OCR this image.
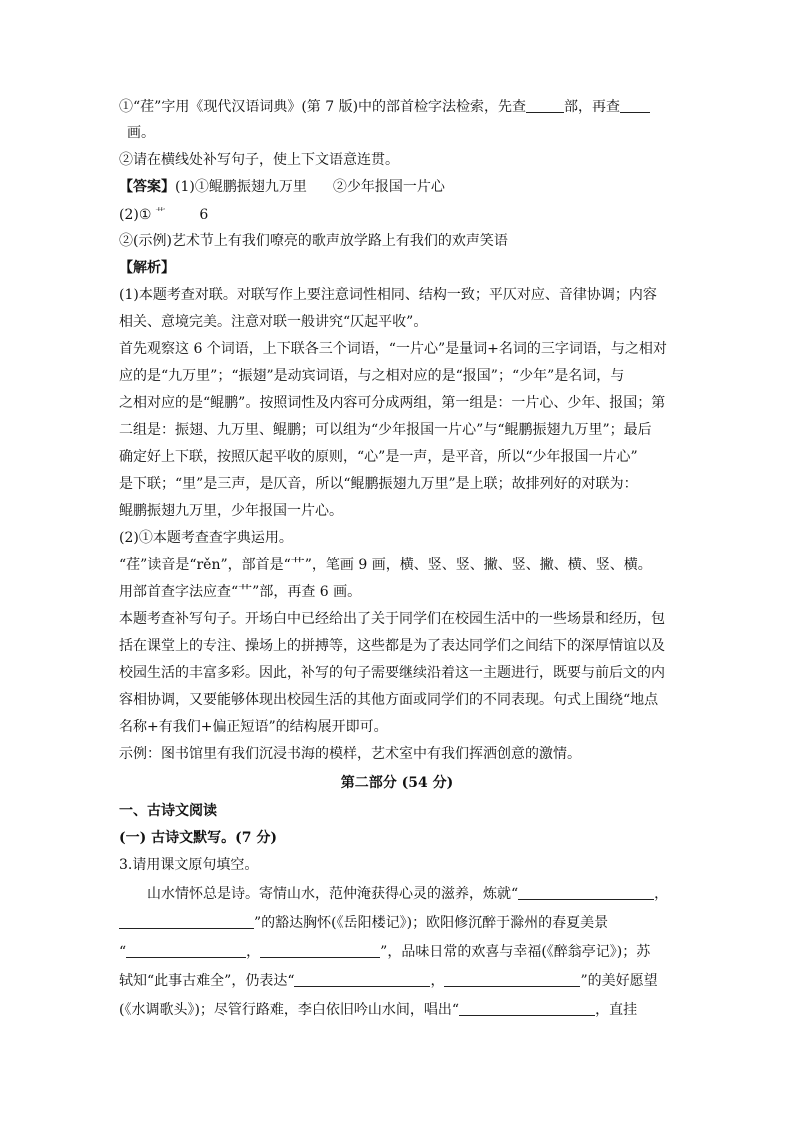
①“荏”字用《现代汉语词典》(第 7 版)中的部首检字法检索，先查	部，再查
画。
②请在横线处补写句子，使上下文语意连贯。
【答案】(1)①鲲鹏振翅九万里 ②少年报国一片心
(2)① 艹 6
②(示例)艺术节上有我们嘹亮的歌声放学路上有我们的欢声笑语
【解析】
(1)本题考查对联。对联写作上要注意词性相同、结构一致；平仄对应、音律协调；内容
相关、意境完美。注意对联一般讲究“仄起平收”。
首先观察这 6 个词语，上下联各三个词语，“一片心”是量词+名词的三字词语，与之相对
应的是“九万里”；“振翅”是动宾词语，与之相对应的是“报国”；“少年”是名词，与
之相对应的是“鲲鹏”。按照词性及内容可分成两组，第一组是：一片心、少年、报国；第
二组是：振翅、九万里、鲲鹏；可以组为“少年报国一片心”与“鲲鹏振翅九万里”；最后
确定好上下联，按照仄起平收的原则，“心”是一声，是平音，所以“少年报国一片心”
是下联；“里”是三声，是仄音，所以“鲲鹏振翅九万里”是上联；故排列好的对联为：
鲲鹏振翅九万里，少年报国一片心。
(2)①本题考查查字典运用。
“荏”读音是“rěn”，部首是“艹”，笔画 9 画，横、竖、竖、撇、竖、撇、横、竖、横。
用部首查字法应查“艹”部，再查 6 画。
本题考查补写句子。开场白中已经给出了关于同学们在校园生活中的一些场景和经历，包
括在课堂上的专注、操场上的拼搏等，这些都是为了表达同学们之间结下的深厚情谊以及
校园生活的丰富多彩。因此，补写的句子需要继续沿着这一主题进行，既要与前后文的内
容相协调，又要能够体现出校园生活的其他方面或同学们的不同表现。句式上围绕“地点
名称+有我们+偏正短语”的结构展开即可。
示例：图书馆里有我们沉浸书海的模样，艺术室中有我们挥洒创意的激情。
第二部分 (54 分)
一、古诗文阅读
(一) 古诗文默写。(7 分)
3.请用课文原句填空。
山水情怀总是诗。寄情山水，范仲淹获得心灵的滋养，炼就“	，
”的豁达胸怀(《岳阳楼记》)；欧阳修沉醉于滁州的春夏美景
“	，	”，品味日常的欢喜与幸福(《醉翁亭记》)；苏
轼知“此事古难全”，仍表达“	，	”的美好愿望
(《水调歌头》)；尽管行路难，李白依旧吟山水间，唱出“	，直挂
